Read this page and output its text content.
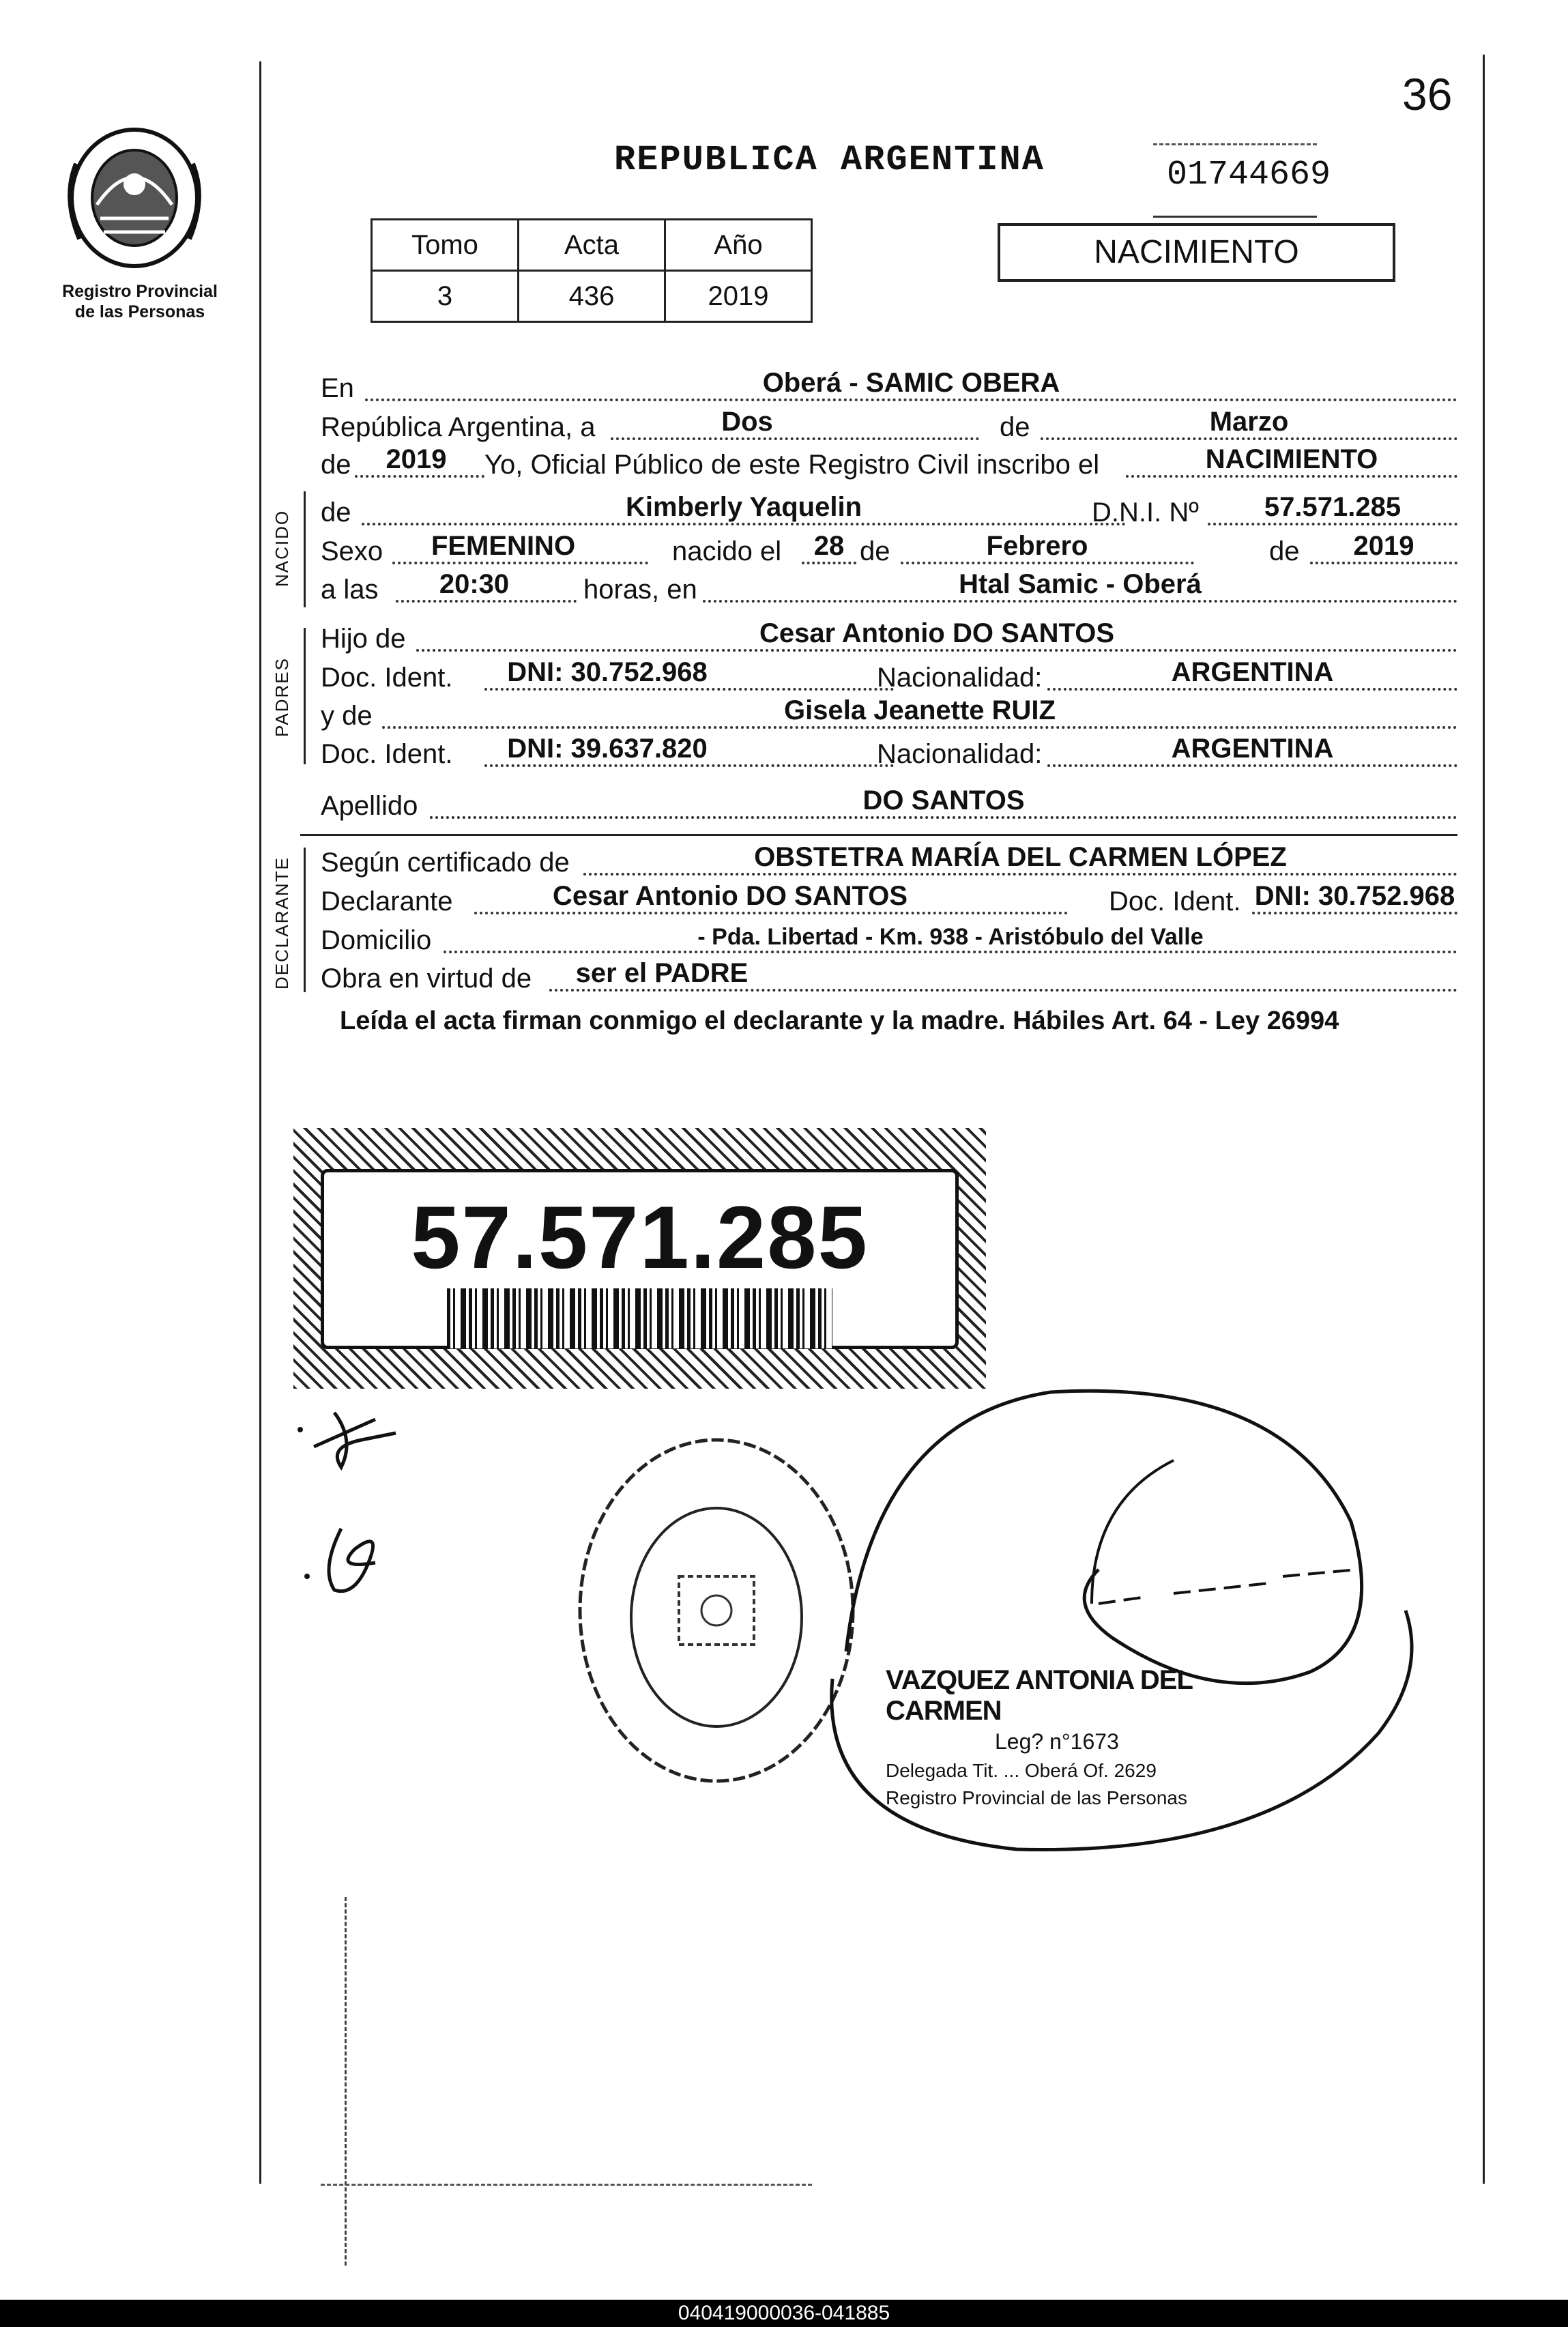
36
Registro Provincial
de las Personas
REPUBLICA ARGENTINA	01744669
Tomo	Acta	Año
3	436	2019
NACIMIENTO
NACIDO
PADRES
DECLARANTE
En	Oberá - SAMIC OBERA
República Argentina, a	Dos	de	Marzo
de	2019	Yo, Oficial Público de este Registro Civil inscribo el	NACIMIENTO
de	Kimberly Yaquelin	D.N.I. Nº	57.571.285
Sexo	FEMENINO	nacido el	28 de	Febrero	de	2019
a las	20:30	horas, en	Htal Samic - Oberá
Hijo de	Cesar Antonio DO SANTOS
Doc. Ident.	DNI: 30.752.968	Nacionalidad:	ARGENTINA
y de	Gisela Jeanette RUIZ
Doc. Ident.	DNI: 39.637.820	Nacionalidad:	ARGENTINA
Apellido	DO SANTOS
Según certificado de	OBSTETRA MARÍA DEL CARMEN LÓPEZ
Declarante	Cesar Antonio DO SANTOS	Doc. Ident. DNI: 30.752.968
Domicilio	- Pda. Libertad - Km. 938 - Aristóbulo del Valle
Obra en virtud de	ser el PADRE
Leída el acta firman conmigo el declarante y la madre. Hábiles Art. 64 - Ley 26994
57.571.285
VAZQUEZ ANTONIA DEL CARMEN
Leg? n°1673
Delegada Tit. ... Oberá Of. 2629
Registro Provincial de las Personas
040419000036-041885
